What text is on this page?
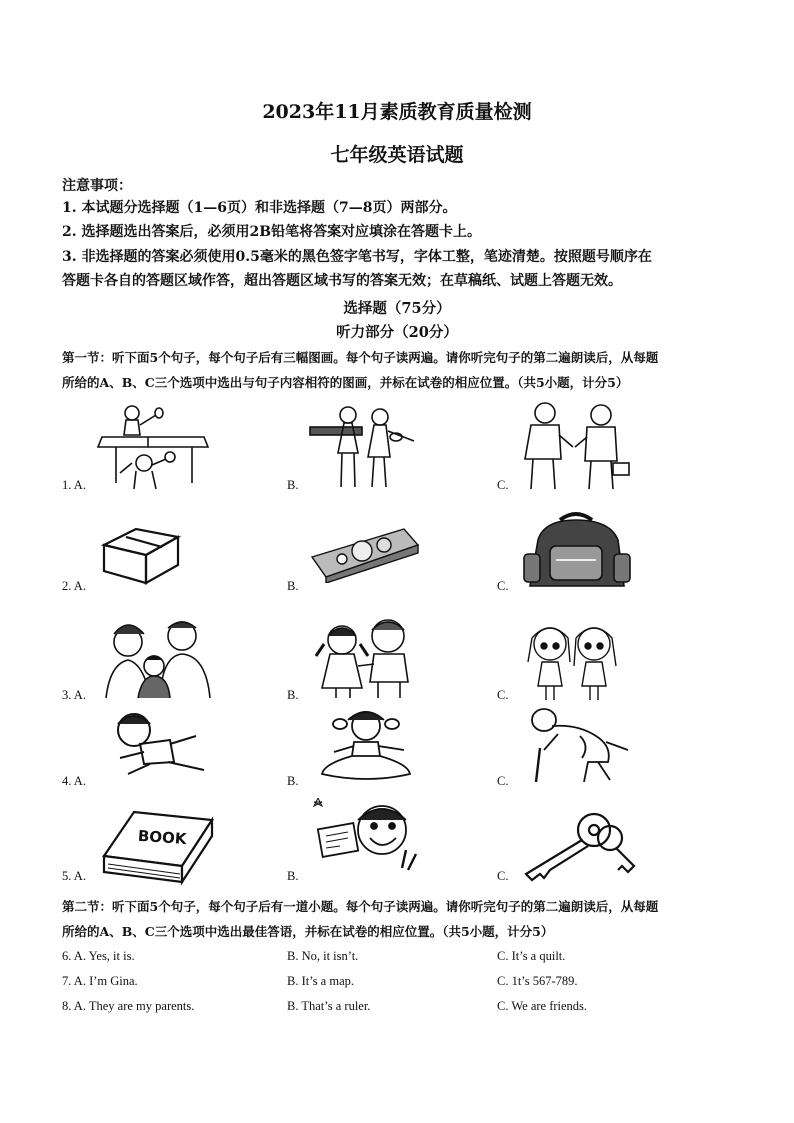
2023年11月素质教育质量检测
七年级英语试题
注意事项：
1. 本试题分选择题（1—6页）和非选择题（7—8页）两部分。
2. 选择题选出答案后，必须用2B铅笔将答案对应填涂在答题卡上。
3. 非选择题的答案必须使用0.5毫米的黑色签字笔书写，字体工整，笔迹清楚。按照题号顺序在
答题卡各自的答题区域作答，超出答题区域书写的答案无效；在草稿纸、试题上答题无效。
选择题（75分）
听力部分（20分）
第一节：听下面5个句子，每个句子后有三幅图画。每个句子读两遍。请你听完句子的第二遍朗读后，从每题
所给的A、B、C三个选项中选出与句子内容相符的图画，并标在试卷的相应位置。（共5小题，计分5）
1. A.	B.	C.
2. A.	B.	C.
3. A.	B.	C.
4. A.	B.	C.
5. A.	B.	C.
BOOK
第二节：听下面5个句子，每个句子后有一道小题。每个句子读两遍。请你听完句子的第二遍朗读后，从每题
所给的A、B、C三个选项中选出最佳答语，并标在试卷的相应位置。（共5小题，计分5）
6. A. Yes, it is.	B. No, it isn’t.	C. It’s a quilt.
7. A. I’m Gina.	B. It’s a map.	C. 1t’s 567-789.
8. A. They are my parents.	B. That’s a ruler.	C. We are friends.
